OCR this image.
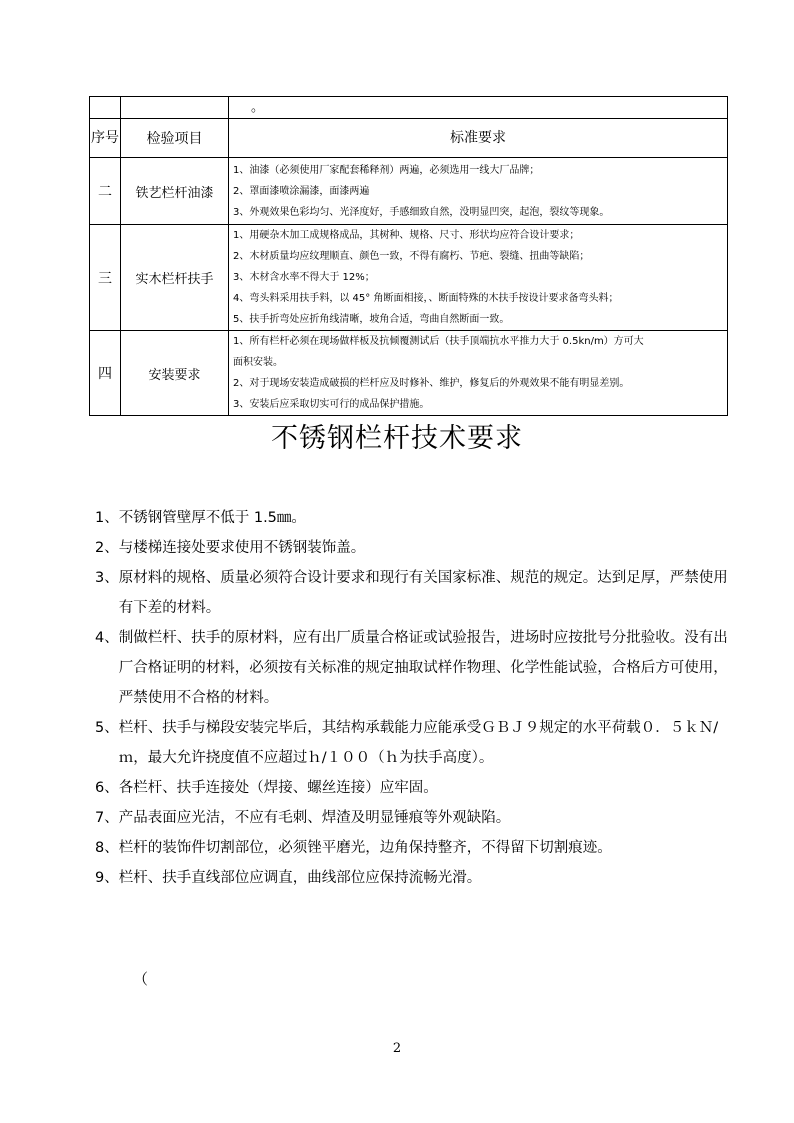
		。
序号	检验项目	标准要求
二	铁艺栏杆油漆	1、油漆（必须使用厂家配套稀释剂）两遍，必须选用一线大厂品牌；
2、罩面漆喷涂漏漆，面漆两遍
3、外观效果色彩均匀、光泽度好，手感细致自然，没明显凹突，起泡，裂纹等现象。

三	实木栏杆扶手	1、用硬杂木加工成规格成品，其树种、规格、尺寸、形状均应符合设计要求；
2、木材质量均应纹理顺直、颜色一致，不得有腐朽、节疤、裂缝、扭曲等缺陷；
3、木材含水率不得大于 12%；
4、弯头料采用扶手料，以 45° 角断面相接，、断面特殊的木扶手按设计要求备弯头料；
5、扶手折弯处应折角线清晰，坡角合适，弯曲自然断面一致。

四	安装要求	1、所有栏杆必须在现场做样板及抗倾覆测试后（扶手顶端抗水平推力大于 0.5kn/m）方可大
面积安装。
2、对于现场安装造成破损的栏杆应及时修补、维护，修复后的外观效果不能有明显差别。
3、安装后应采取切实可行的成品保护措施。
不锈钢栏杆技术要求
1、 不锈钢管壁厚不低于 1.5㎜。
2、 与楼梯连接处要求使用不锈钢装饰盖。
3、 原材料的规格、质量必须符合设计要求和现行有关国家标准、规范的规定。达到足厚，严禁使用有下差的材料。
4、 制做栏杆、扶手的原材料，应有出厂质量合格证或试验报告，进场时应按批号分批验收。没有出厂合格证明的材料，必须按有关标准的规定抽取试样作物理、化学性能试验，合格后方可使用，严禁使用不合格的材料。
5、 栏杆、扶手与梯段安装完毕后，其结构承载能力应能承受ＧＢＪ９规定的水平荷载０．５ｋＮ/ｍ，最大允许挠度值不应超过ｈ/１００（ｈ为扶手高度）。
6、 各栏杆、扶手连接处（焊接、螺丝连接）应牢固。
7、 产品表面应光洁，不应有毛刺、焊渣及明显锤痕等外观缺陷。
8、 栏杆的装饰件切割部位，必须锉平磨光，边角保持整齐，不得留下切割痕迹。
9、 栏杆、扶手直线部位应调直，曲线部位应保持流畅光滑。
（
2
